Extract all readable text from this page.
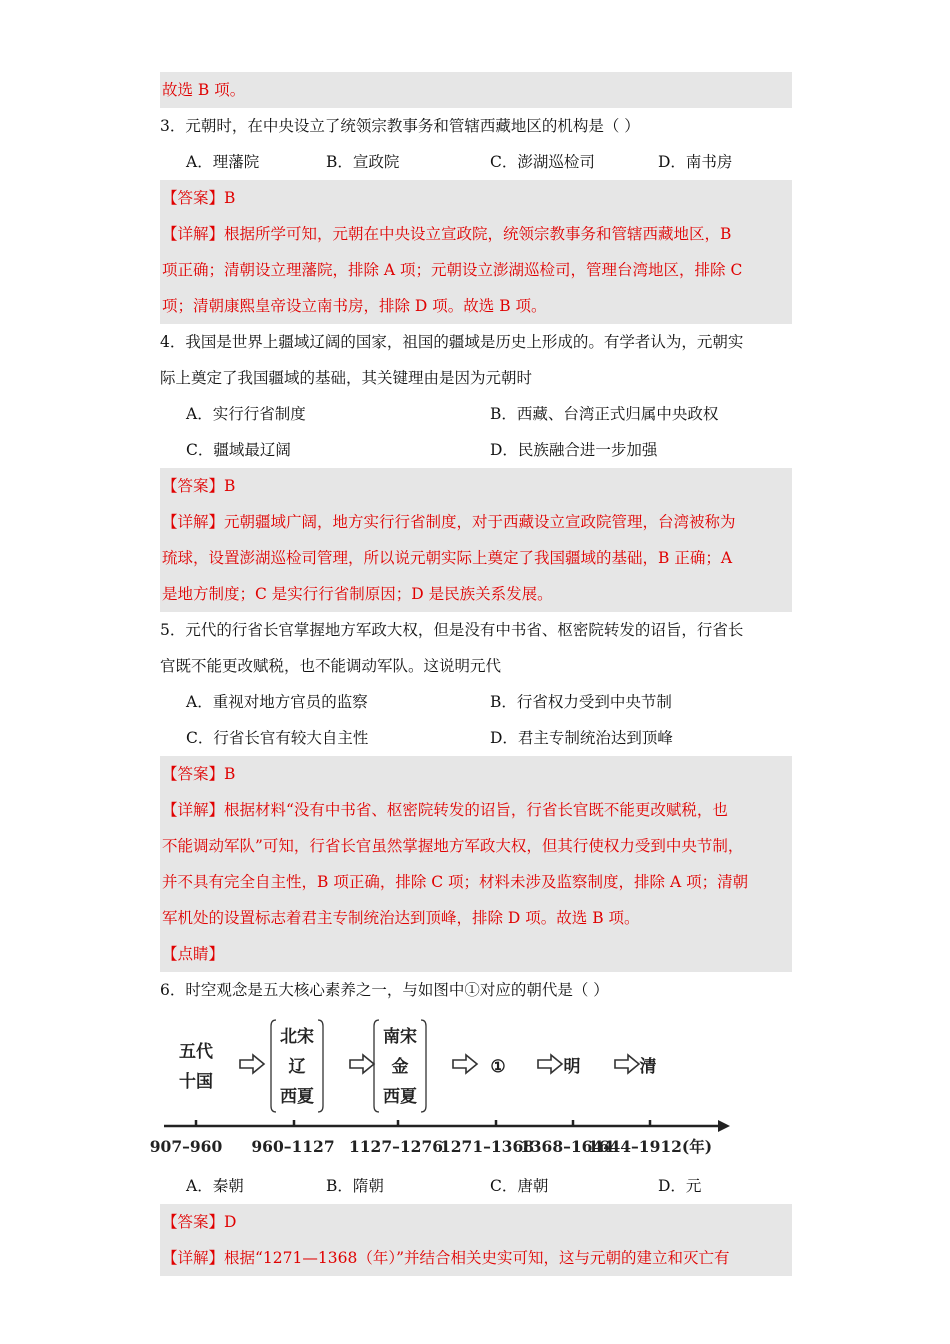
故选 B 项。
3．元朝时，在中央设立了统领宗教事务和管辖西藏地区的机构是（ ）
A．理藩院	B．宣政院	C．澎湖巡检司	D．南书房
【答案】B
【详解】根据所学可知，元朝在中央设立宣政院，统领宗教事务和管辖西藏地区，B
项正确；清朝设立理藩院，排除 A 项；元朝设立澎湖巡检司，管理台湾地区，排除 C
项；清朝康熙皇帝设立南书房，排除 D 项。故选 B 项。
4．我国是世界上疆域辽阔的国家，祖国的疆域是历史上形成的。有学者认为，元朝实
际上奠定了我国疆域的基础，其关键理由是因为元朝时
A．实行行省制度	B．西藏、台湾正式归属中央政权
C．疆域最辽阔	D．民族融合进一步加强
【答案】B
【详解】元朝疆域广阔，地方实行行省制度，对于西藏设立宣政院管理，台湾被称为
琉球，设置澎湖巡检司管理，所以说元朝实际上奠定了我国疆域的基础，B 正确；A
是地方制度；C 是实行行省制原因；D 是民族关系发展。
5．元代的行省长官掌握地方军政大权，但是没有中书省、枢密院转发的诏旨，行省长
官既不能更改赋税，也不能调动军队。这说明元代
A．重视对地方官员的监察	B．行省权力受到中央节制
C．行省长官有较大自主性	D．君主专制统治达到顶峰
【答案】B
【详解】根据材料“没有中书省、枢密院转发的诏旨，行省长官既不能更改赋税，也
不能调动军队”可知，行省长官虽然掌握地方军政大权，但其行使权力受到中央节制，
并不具有完全自主性，B 项正确，排除 C 项；材料未涉及监察制度，排除 A 项；清朝
军机处的设置标志着君主专制统治达到顶峰，排除 D 项。故选 B 项。
【点睛】
6．时空观念是五大核心素养之一，与如图中①对应的朝代是（ ）
五代
十国
北宋
辽
西夏
南宋
金
西夏
①	明	清
907–960 960–1127 1127–1276
1271–1368
1368–1644
1644–1912(年)
A．秦朝	B．隋朝	C．唐朝	D．元
【答案】D
【详解】根据“1271—1368（年）”并结合相关史实可知，这与元朝的建立和灭亡有
